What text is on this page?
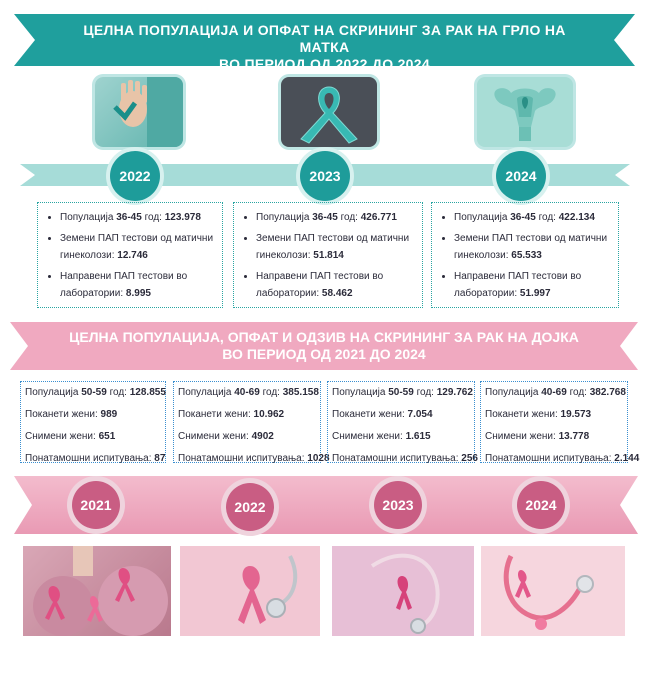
ЦЕЛНА ПОПУЛАЦИЈА И ОПФАТ НА СКРИНИНГ ЗА РАК НА ГРЛО НА МАТКА
ВО ПЕРИОД ОД 2022 ДО 2024
2022	2023	2024
• Популација 36-45 год: 123.978
• Земени ПАП тестови од матични гинеколози: 12.746
• Направени ПАП тестови во лаборатории: 8.995
• Популација 36-45 год: 426.771
• Земени ПАП тестови од матични гинеколози: 51.814
• Направени ПАП тестови во лаборатории: 58.462
• Популација 36-45 год: 422.134
• Земени ПАП тестови од матични гинеколози: 65.533
• Направени ПАП тестови во лаборатории: 51.997
ЦЕЛНА ПОПУЛАЦИЈА, ОПФАТ И ОДЗИВ НА СКРИНИНГ ЗА РАК НА ДОЈКА
ВО ПЕРИОД ОД 2021 ДО 2024
Популација 50-59 год: 128.855
Поканети жени: 989
Снимени жени: 651
Понатамошни испитувања: 87
Популација 40-69 год: 385.158
Поканети жени: 10.962
Снимени жени: 4902
Понатамошни испитувања: 1028
Популација 50-59 год: 129.762
Поканети жени: 7.054
Снимени жени: 1.615
Понатамошни испитувања: 256
Популација 40-69 год: 382.768
Поканети жени: 19.573
Снимени жени: 13.778
Понатамошни испитувања: 2.144
2021	2022	2023	2024
